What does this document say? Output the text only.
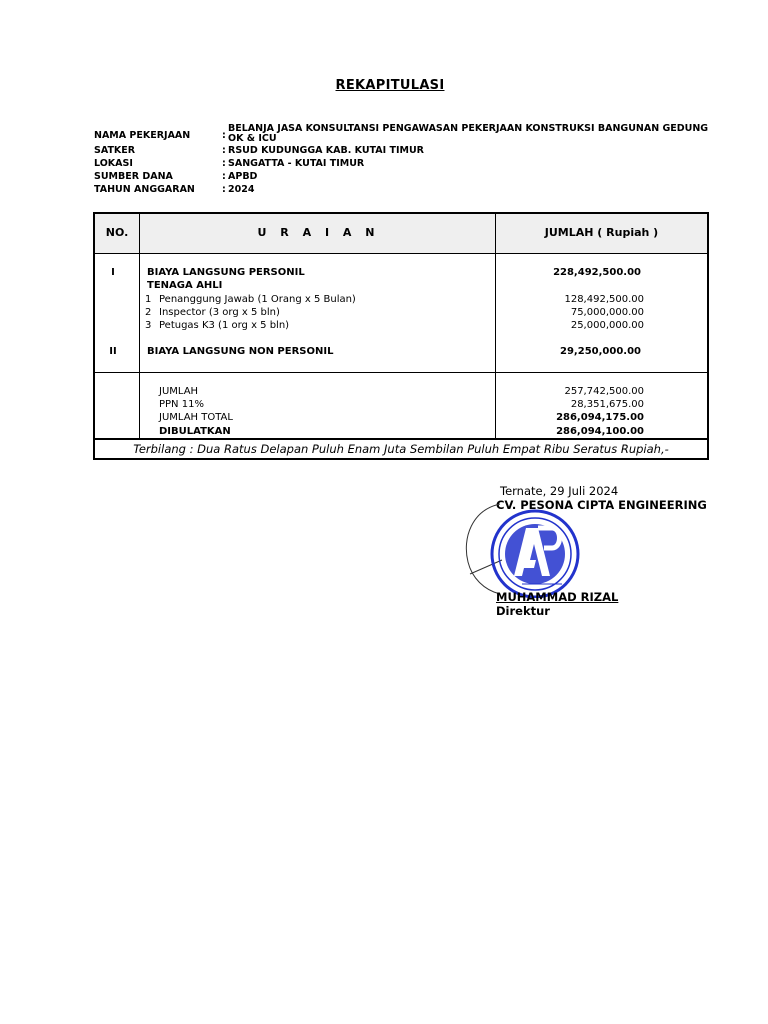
REKAPITULASI
NAMA PEKERJAAN	:
BELANJA JASA KONSULTANSI PENGAWASAN PEKERJAAN KONSTRUKSI BANGUNAN GEDUNG OK & ICU
SATKER	: RSUD KUDUNGGA KAB. KUTAI TIMUR
LOKASI	: SANGATTA - KUTAI TIMUR
SUMBER DANA	: APBD
TAHUN ANGGARAN	: 2024
NO.	U R A I A N	JUMLAH ( Rupiah )
I	BIAYA LANGSUNG PERSONIL	228,492,500.00
TENAGA AHLI
1 Penanggung Jawab (1 Orang x 5 Bulan)	128,492,500.00
2 Inspector (3 org x 5 bln)	75,000,000.00
3 Petugas K3 (1 org x 5 bln)	25,000,000.00
II	BIAYA LANGSUNG NON PERSONIL	29,250,000.00
JUMLAH	257,742,500.00
PPN 11%	28,351,675.00
JUMLAH TOTAL	286,094,175.00
DIBULATKAN	286,094,100.00
Terbilang : Dua Ratus Delapan Puluh Enam Juta Sembilan Puluh Empat Ribu Seratus Rupiah,-
Ternate, 29 Juli 2024
CV. PESONA CIPTA ENGINEERING
MUHAMMAD RIZAL
Direktur
